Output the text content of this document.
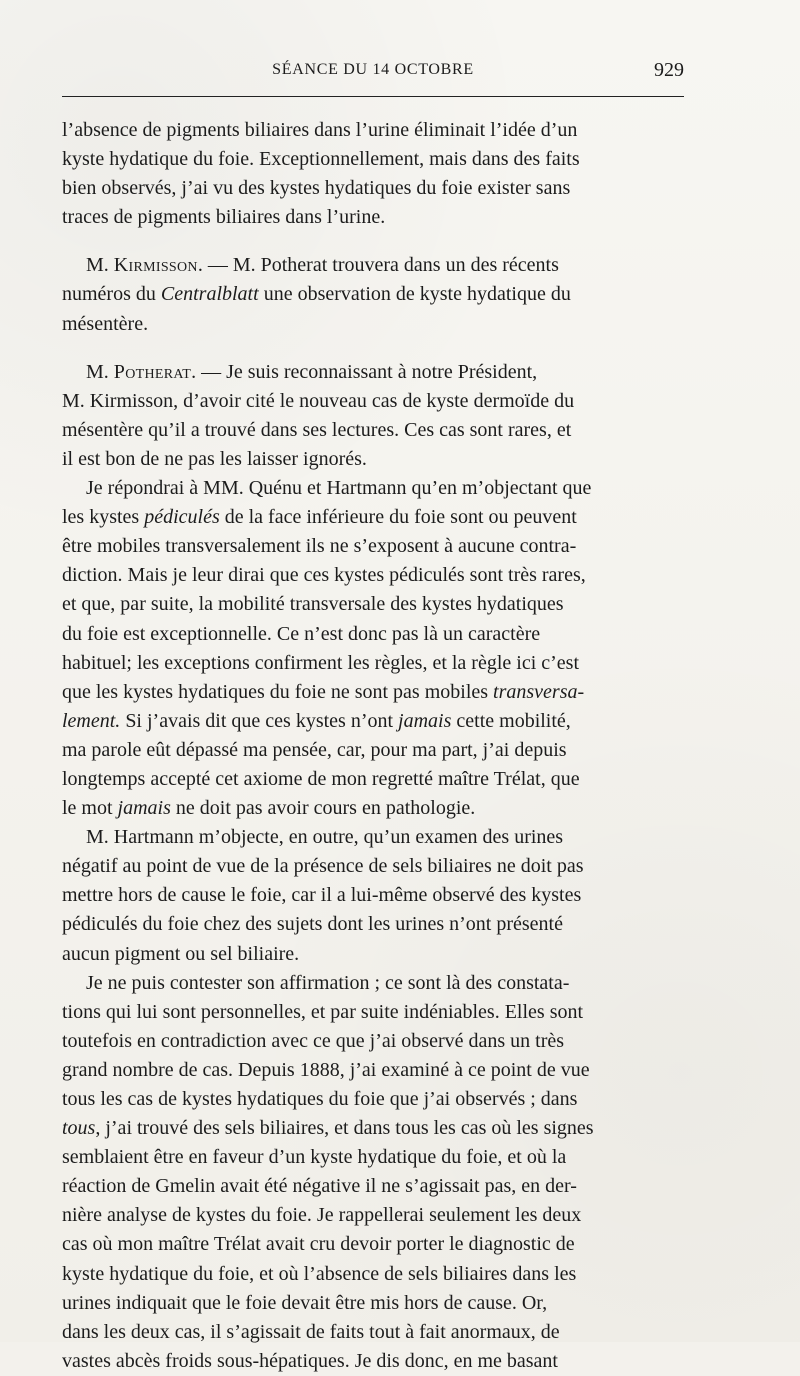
SÉANCE DU 14 OCTOBRE	929

l’absence de pigments biliaires dans l’urine éliminait l’idée d’un
kyste hydatique du foie. Exceptionnellement, mais dans des faits
bien observés, j’ai vu des kystes hydatiques du foie exister sans
traces de pigments biliaires dans l’urine.

M. Kirmisson. — M. Potherat trouvera dans un des récents
numéros du Centralblatt une observation de kyste hydatique du
mésentère.

M. Potherat. — Je suis reconnaissant à notre Président,
M. Kirmisson, d’avoir cité le nouveau cas de kyste dermoïde du
mésentère qu’il a trouvé dans ses lectures. Ces cas sont rares, et
il est bon de ne pas les laisser ignorés.

Je répondrai à MM. Quénu et Hartmann qu’en m’objectant que
les kystes pédiculés de la face inférieure du foie sont ou peuvent
être mobiles transversalement ils ne s’exposent à aucune contra-
diction. Mais je leur dirai que ces kystes pédiculés sont très rares,
et que, par suite, la mobilité transversale des kystes hydatiques
du foie est exceptionnelle. Ce n’est donc pas là un caractère
habituel; les exceptions confirment les règles, et la règle ici c’est
que les kystes hydatiques du foie ne sont pas mobiles transversa-
lement. Si j’avais dit que ces kystes n’ont jamais cette mobilité,
ma parole eût dépassé ma pensée, car, pour ma part, j’ai depuis
longtemps accepté cet axiome de mon regretté maître Trélat, que
le mot jamais ne doit pas avoir cours en pathologie.

M. Hartmann m’objecte, en outre, qu’un examen des urines
négatif au point de vue de la présence de sels biliaires ne doit pas
mettre hors de cause le foie, car il a lui-même observé des kystes
pédiculés du foie chez des sujets dont les urines n’ont présenté
aucun pigment ou sel biliaire.

Je ne puis contester son affirmation ; ce sont là des constata-
tions qui lui sont personnelles, et par suite indéniables. Elles sont
toutefois en contradiction avec ce que j’ai observé dans un très
grand nombre de cas. Depuis 1888, j’ai examiné à ce point de vue
tous les cas de kystes hydatiques du foie que j’ai observés ; dans
tous, j’ai trouvé des sels biliaires, et dans tous les cas où les signes
semblaient être en faveur d’un kyste hydatique du foie, et où la
réaction de Gmelin avait été négative il ne s’agissait pas, en der-
nière analyse de kystes du foie. Je rappellerai seulement les deux
cas où mon maître Trélat avait cru devoir porter le diagnostic de
kyste hydatique du foie, et où l’absence de sels biliaires dans les
urines indiquait que le foie devait être mis hors de cause. Or,
dans les deux cas, il s’agissait de faits tout à fait anormaux, de
vastes abcès froids sous-hépatiques. Je dis donc, en me basant
